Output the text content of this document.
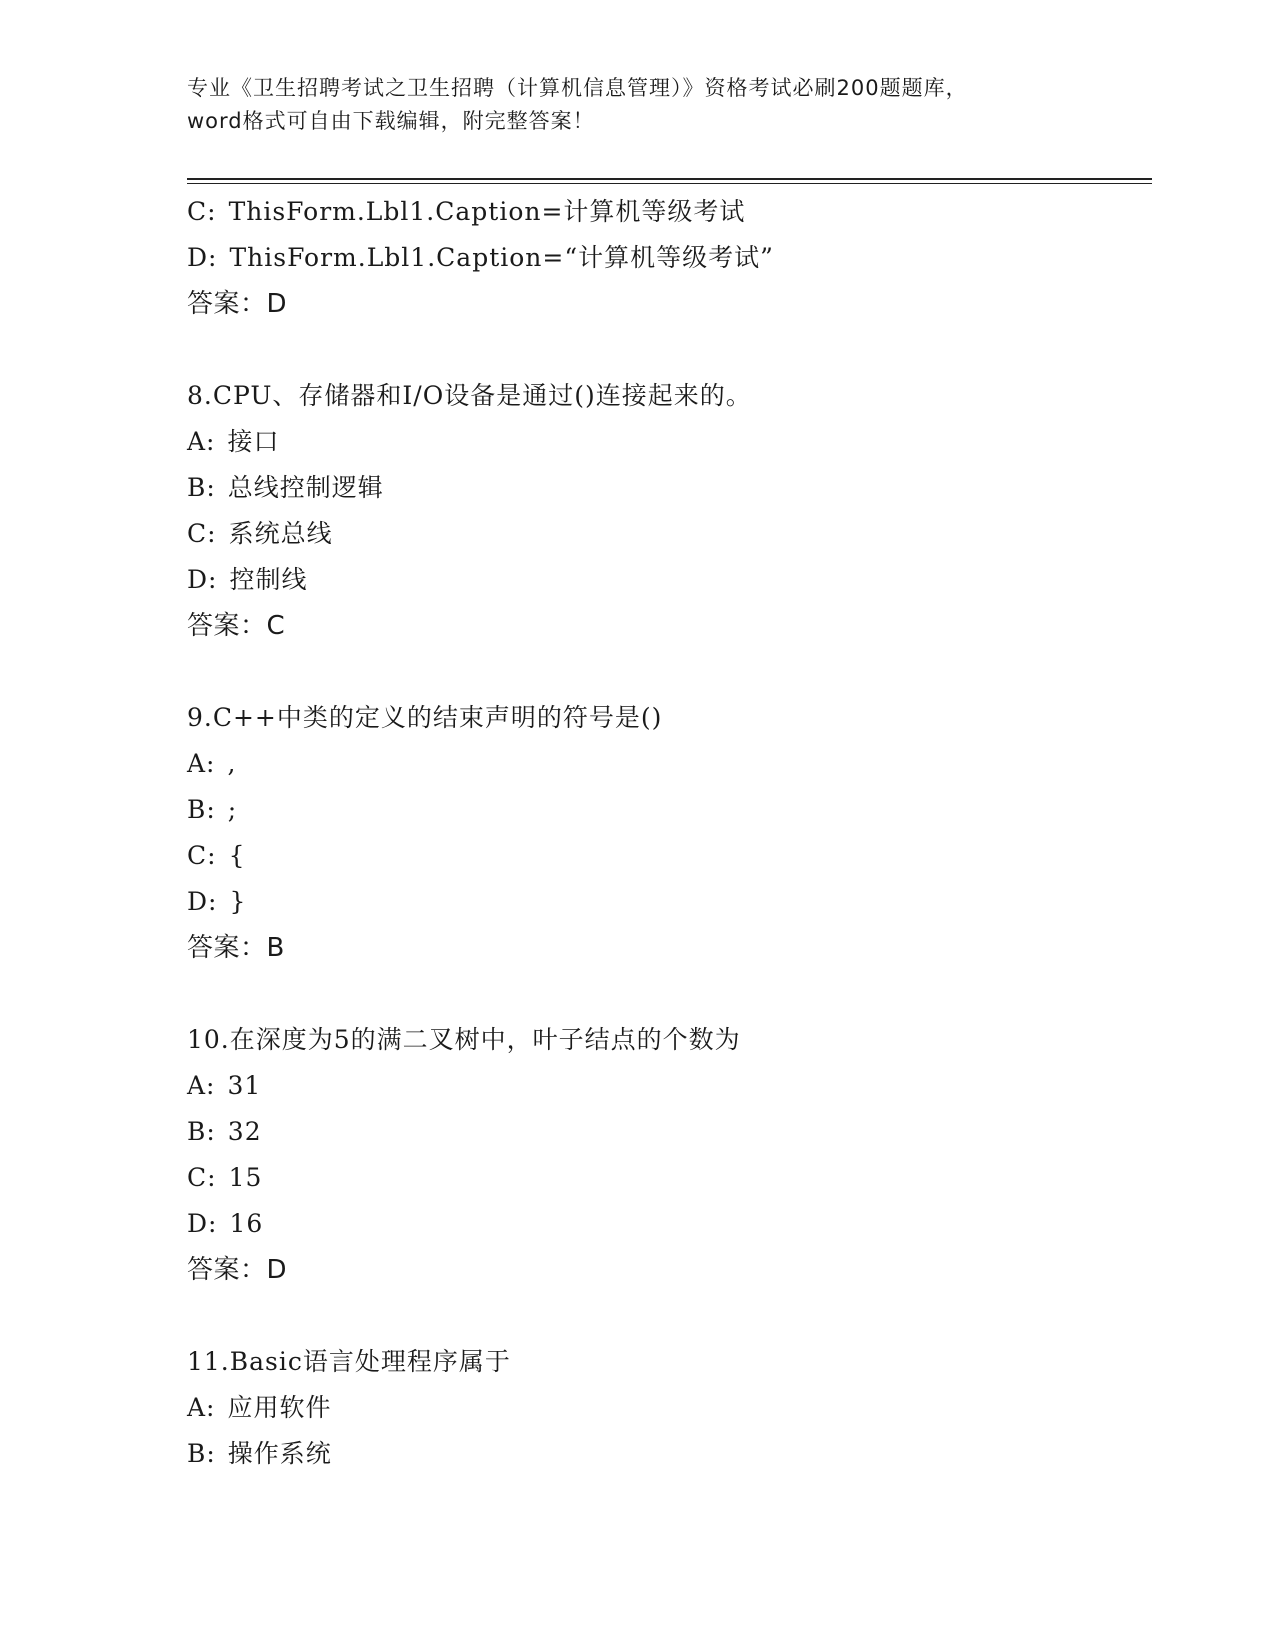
专业《卫生招聘考试之卫生招聘（计算机信息管理）》资格考试必刷200题题库，
word格式可自由下载编辑，附完整答案！
C: ThisForm.Lbl1.Caption=计算机等级考试
D: ThisForm.Lbl1.Caption=“计算机等级考试”
答案：D
8.CPU、存储器和I/O设备是通过()连接起来的。
A: 接口
B: 总线控制逻辑
C: 系统总线
D: 控制线
答案：C
9.C++中类的定义的结束声明的符号是()
A: ,
B: ;
C: {
D: }
答案：B
10.在深度为5的满二叉树中，叶子结点的个数为
A: 31
B: 32
C: 15
D: 16
答案：D
11.Basic语言处理程序属于
A: 应用软件
B: 操作系统
